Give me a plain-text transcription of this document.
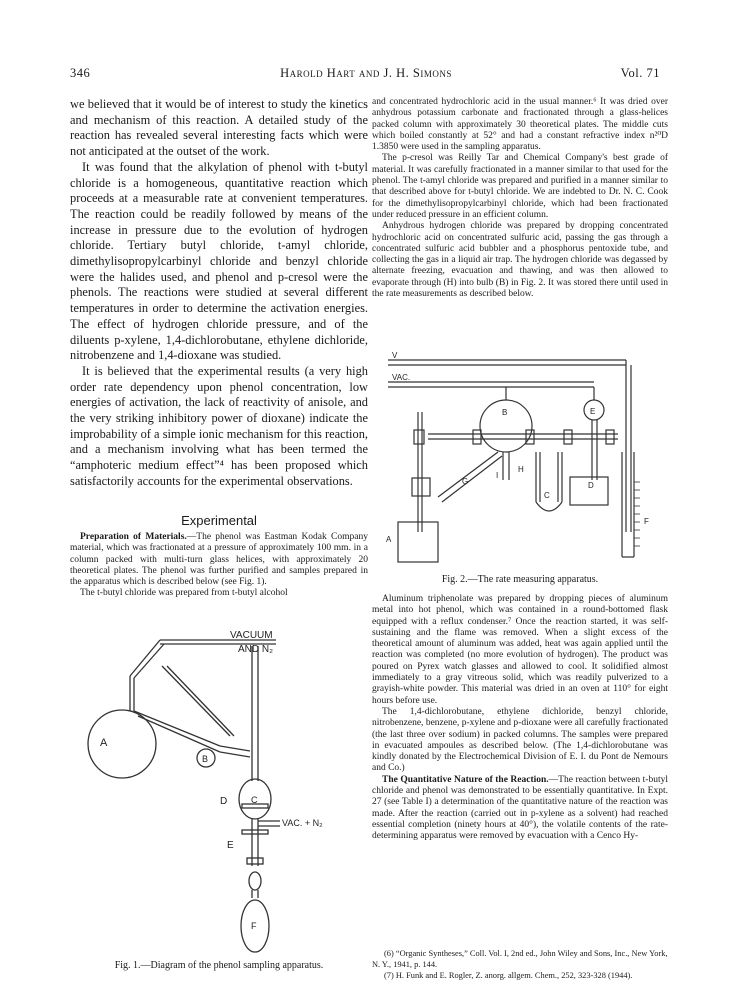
346	Harold Hart and J. H. Simons	Vol. 71

we believed that it would be of interest to study the kinetics and mechanism of this reaction. A detailed study of the reaction has revealed several interesting facts which were not anticipated at the outset of the work.

It was found that the alkylation of phenol with t-butyl chloride is a homogeneous, quantitative reaction which proceeds at a measurable rate at convenient temperatures. The reaction could be readily followed by means of the increase in pressure due to the evolution of hydrogen chloride. Tertiary butyl chloride, t-amyl chloride, dimethylisopropylcarbinyl chloride and benzyl chloride were the halides used, and phenol and p-cresol were the phenols. The reactions were studied at several different temperatures in order to determine the activation energies. The effect of hydrogen chloride pressure, and of the diluents p-xylene, 1,4-dichlorobutane, ethylene dichloride, nitrobenzene and 1,4-dioxane was studied.

It is believed that the experimental results (a very high order rate dependency upon phenol concentration, low energies of activation, the lack of reactivity of anisole, and the very striking inhibitory power of dioxane) indicate the improbability of a simple ionic mechanism for this reaction, and a mechanism involving what has been termed the “amphoteric medium effect”⁴ has been proposed which satisfactorily accounts for the experimental observations.

Experimental

Preparation of Materials.—The phenol was Eastman Kodak Company material, which was fractionated at a pressure of approximately 100 mm. in a column packed with multi-turn glass helices, with approximately 20 theoretical plates. The phenol was further purified and samples prepared in the apparatus which is described below (see Fig. 1).

The t-butyl chloride was prepared from t-butyl alcohol

VACUUM
AND N₂
A
B
C
D
VAC. + N₂
E
F
Fig. 1.—Diagram of the phenol sampling apparatus.

and concentrated hydrochloric acid in the usual manner.⁶ It was dried over anhydrous potassium carbonate and fractionated through a glass-helices packed column with approximately 30 theoretical plates. The middle cuts which boiled constantly at 52° and had a constant refractive index n²⁰D 1.3850 were used in the sampling apparatus.

The p-cresol was Reilly Tar and Chemical Company's best grade of material. It was carefully fractionated in a manner similar to that used for the phenol. The t-amyl chloride was prepared and purified in a manner similar to that described above for t-butyl chloride. We are indebted to Dr. N. C. Cook for the dimethylisopropylcarbinyl chloride, which had been fractionated under reduced pressure in an efficient column.

Anhydrous hydrogen chloride was prepared by dropping concentrated hydrochloric acid on concentrated sulfuric acid, passing the gas through a concentrated sulfuric acid bubbler and a phosphorus pentoxide tube, and collecting the gas in a liquid air trap. The hydrogen chloride was degassed by alternate freezing, evacuation and thawing, and was then allowed to evaporate through (H) into bulb (B) in Fig. 2. It was stored there until used in the rate measurements as described below.

V
VAC.
B	E
G
H
I
C
D
A
F
Fig. 2.—The rate measuring apparatus.

Aluminum triphenolate was prepared by dropping pieces of aluminum metal into hot phenol, which was contained in a round-bottomed flask equipped with a reflux condenser.⁷ Once the reaction started, it was self-sustaining and the flame was removed. When a slight excess of the theoretical amount of aluminum was added, heat was again applied until the reaction was completed (no more evolution of hydrogen). The product was poured on Pyrex watch glasses and allowed to cool. It solidified almost immediately to a gray vitreous solid, which was readily pulverized to a grayish-white powder. This material was dried in an oven at 110° for eight hours before use.

The 1,4-dichlorobutane, ethylene dichloride, benzyl chloride, nitrobenzene, benzene, p-xylene and p-dioxane were all carefully fractionated (the last three over sodium) in packed columns. The samples were prepared in evacuated ampoules as described below. (The 1,4-dichlorobutane was kindly donated by the Electrochemical Division of E. I. du Pont de Nemours and Co.)

The Quantitative Nature of the Reaction.—The reaction between t-butyl chloride and phenol was demonstrated to be essentially quantitative. In Expt. 27 (see Table I) a determination of the quantitative nature of the reaction was made. After the reaction (carried out in p-xylene as a solvent) had reached essential completion (ninety hours at 40°), the volatile contents of the rate-determining apparatus were removed by evacuation with a Cenco Hy-

(6) “Organic Syntheses,” Coll. Vol. I, 2nd ed., John Wiley and Sons, Inc., New York, N. Y., 1941, p. 144.

(7) H. Funk and E. Rogler, Z. anorg. allgem. Chem., 252, 323-328 (1944).
